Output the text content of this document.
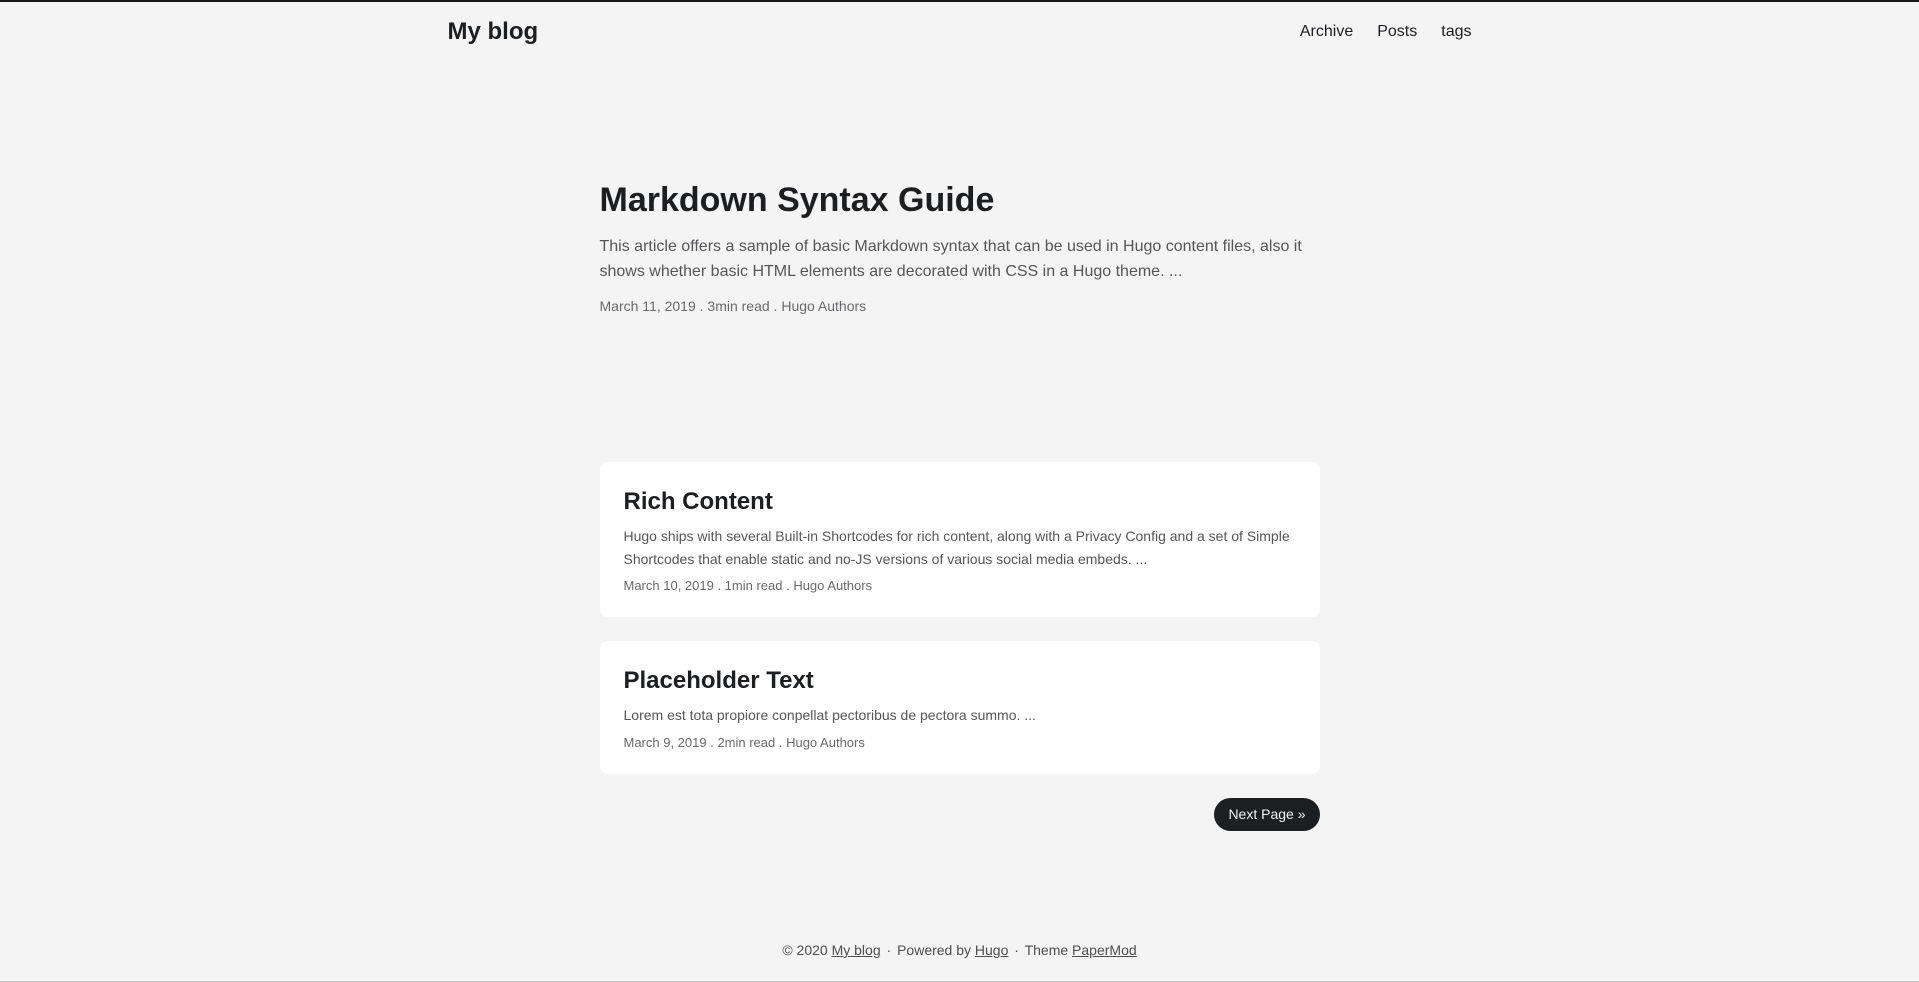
My blog	Archive Posts tags
Markdown Syntax Guide
This article offers a sample of basic Markdown syntax that can be used in Hugo content files, also it shows whether basic HTML elements are decorated with CSS in a Hugo theme. ...
March 11, 2019 . 3min read . Hugo Authors
Rich Content
Hugo ships with several Built-in Shortcodes for rich content, along with a Privacy Config and a set of Simple Shortcodes that enable static and no-JS versions of various social media embeds. ...
March 10, 2019 . 1min read . Hugo Authors
Placeholder Text
Lorem est tota propiore conpellat pectoribus de pectora summo. ...
March 9, 2019 . 2min read . Hugo Authors
Next Page »
© 2020 My blog · Powered by Hugo · Theme PaperMod
